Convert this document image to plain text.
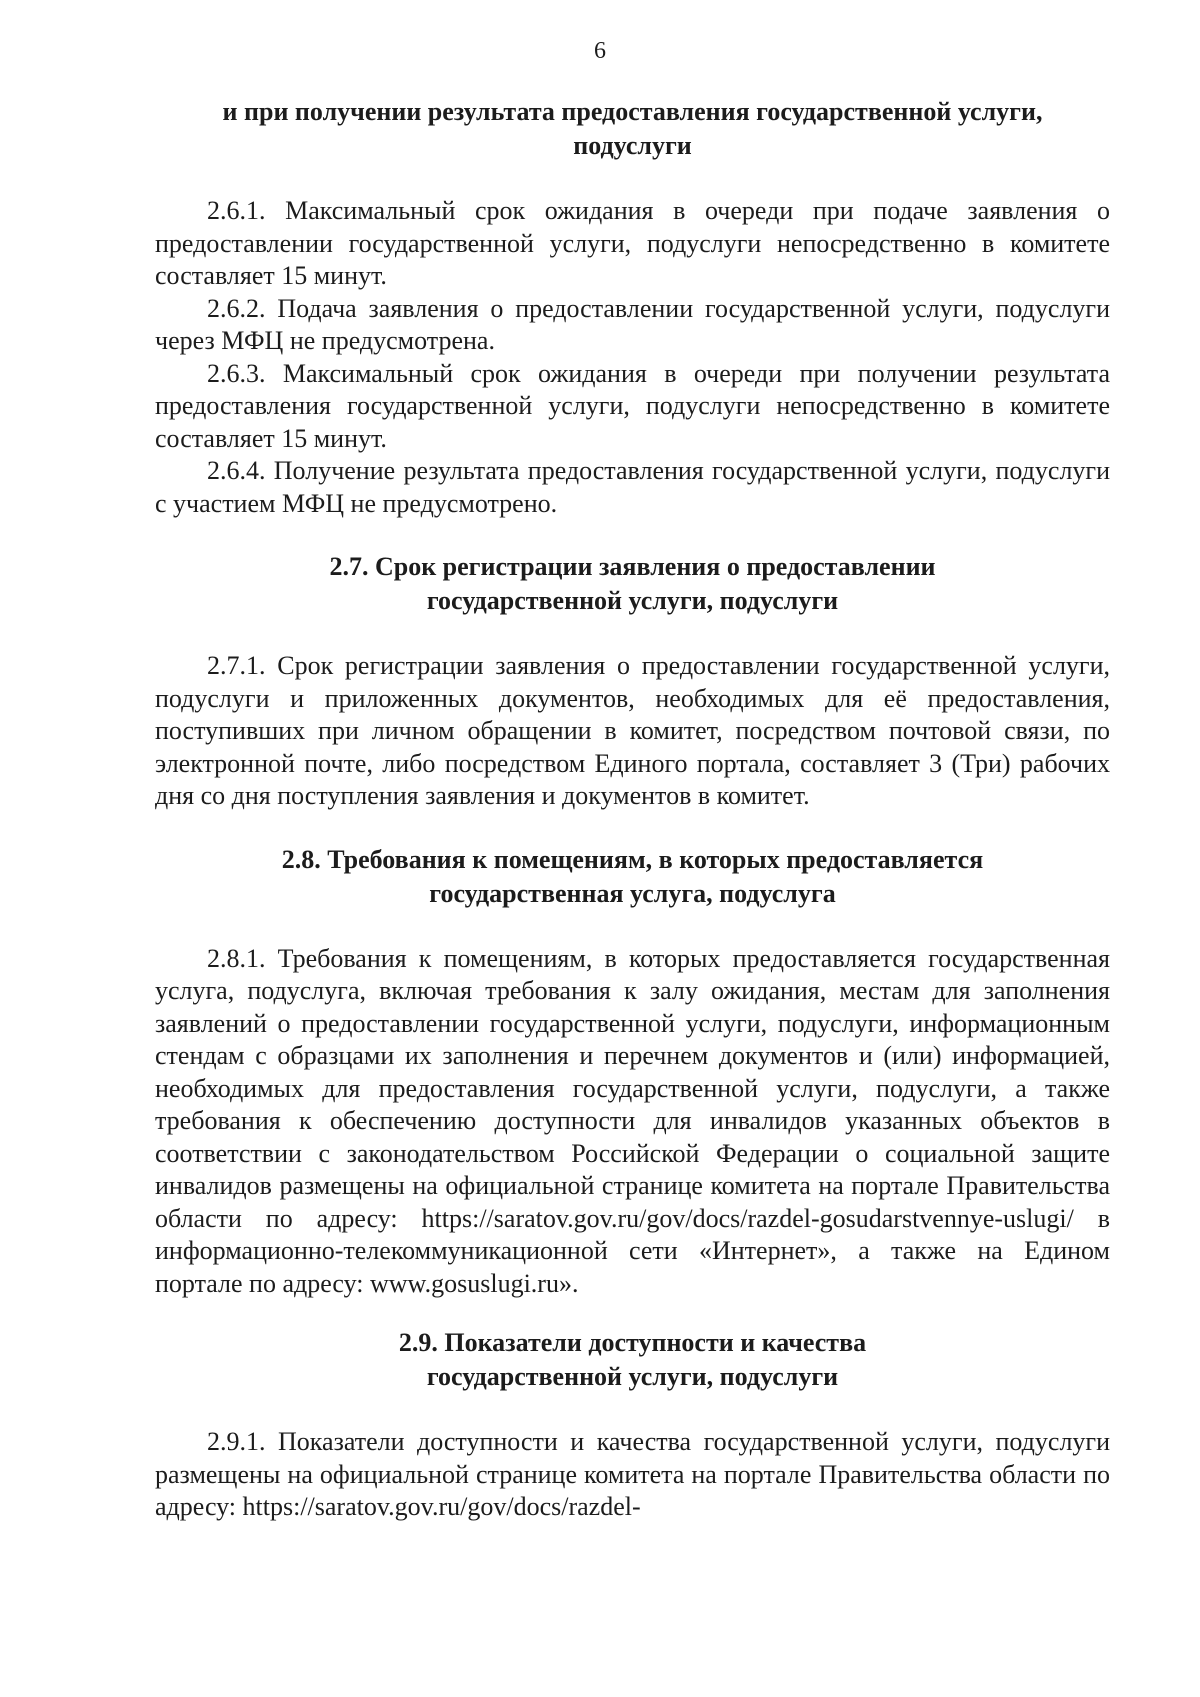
6

и при получении результата предоставления государственной услуги,

подуслуги

2.6.1. Максимальный срок ожидания в очереди при подаче заявления о предоставлении государственной услуги, подуслуги непосредственно в комитете составляет 15 минут.

2.6.2. Подача заявления о предоставлении государственной услуги, подуслуги через МФЦ не предусмотрена.

2.6.3. Максимальный срок ожидания в очереди при получении результата предоставления государственной услуги, подуслуги непосредственно в комитете составляет 15 минут.

2.6.4. Получение результата предоставления государственной услуги, подуслуги с участием МФЦ не предусмотрено.

2.7. Срок регистрации заявления о предоставлении

государственной услуги, подуслуги

2.7.1. Срок регистрации заявления о предоставлении государственной услуги, подуслуги и приложенных документов, необходимых для её предоставления, поступивших при личном обращении в комитет, посредством почтовой связи, по электронной почте, либо посредством Единого портала, составляет 3 (Три) рабочих дня со дня поступления заявления и документов в комитет.

2.8. Требования к помещениям, в которых предоставляется

государственная услуга, подуслуга

2.8.1. Требования к помещениям, в которых предоставляется государственная услуга, подуслуга, включая требования к залу ожидания, местам для заполнения заявлений о предоставлении государственной услуги, подуслуги, информационным стендам с образцами их заполнения и перечнем документов и (или) информацией, необходимых для предоставления государственной услуги, подуслуги, а также требования к обеспечению доступности для инвалидов указанных объектов в соответствии с законодательством Российской Федерации о социальной защите инвалидов размещены на официальной странице комитета на портале Правительства области по адресу: https://saratov.gov.ru/gov/docs/razdel-gosudarstvennye-uslugi/ в информационно-телекоммуникационной сети «Интернет», а также на Едином портале по адресу: www.gosuslugi.ru».

2.9. Показатели доступности и качества

государственной услуги, подуслуги

2.9.1. Показатели доступности и качества государственной услуги, подуслуги размещены на официальной странице комитета на портале Правительства области по адресу: https://saratov.gov.ru/gov/docs/razdel-
